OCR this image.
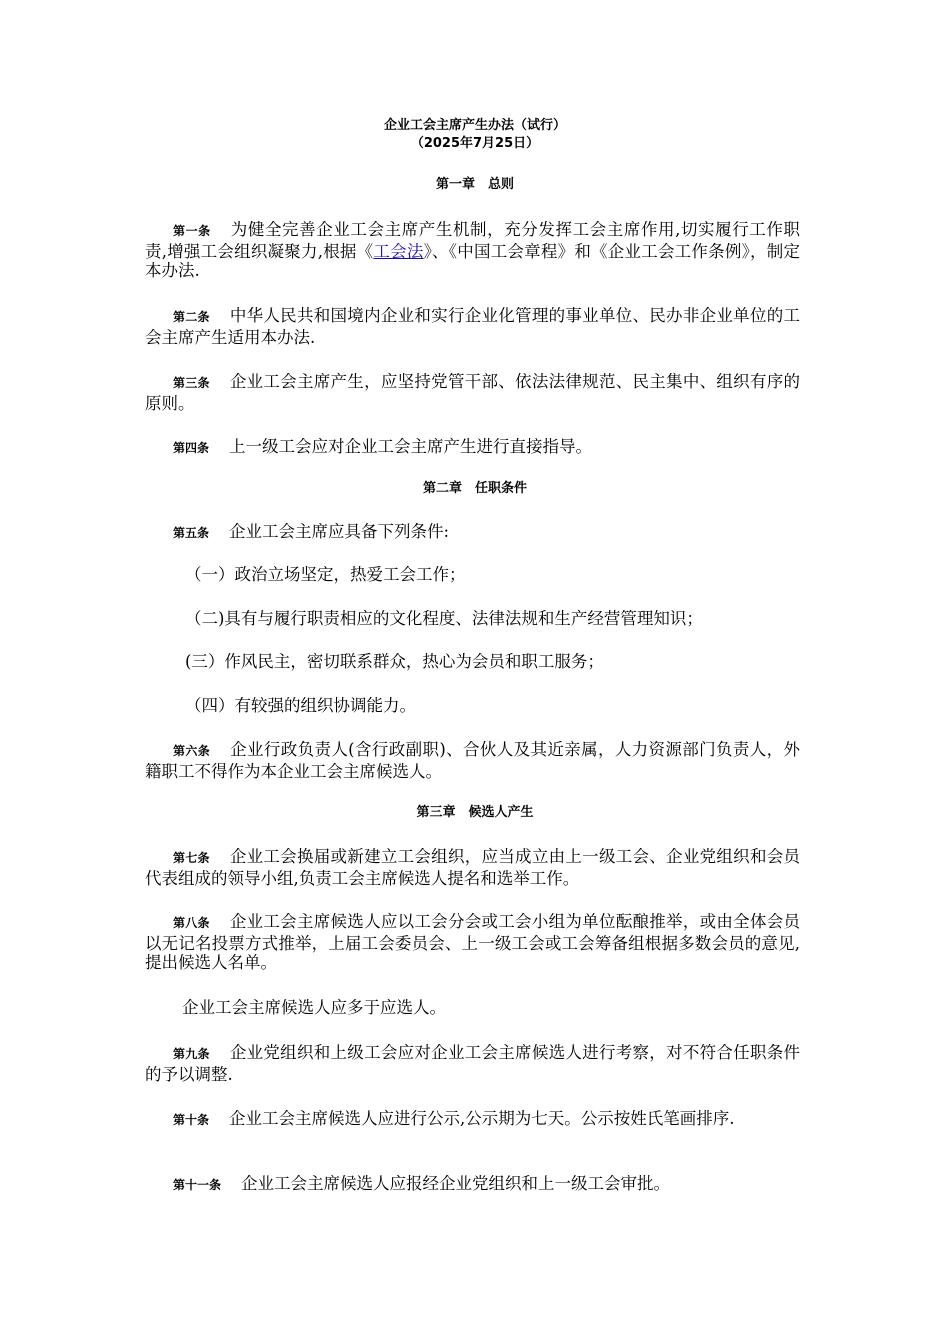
企业工会主席产生办法（试行）
（2025年7月25日）
第一章　总则
第一条 为健全完善企业工会主席产生机制，充分发挥工会主席作用,切实履行工作职责,增强工会组织凝聚力,根据《工会法》、《中国工会章程》和《企业工会工作条例》，制定本办法.
第二条 中华人民共和国境内企业和实行企业化管理的事业单位、民办非企业单位的工会主席产生适用本办法.
第三条 企业工会主席产生，应坚持党管干部、依法法律规范、民主集中、组织有序的原则。
第四条 上一级工会应对企业工会主席产生进行直接指导。
第二章　任职条件
第五条 企业工会主席应具备下列条件:
（一）政治立场坚定，热爱工会工作；
（二)具有与履行职责相应的文化程度、法律法规和生产经营管理知识；
(三）作风民主，密切联系群众，热心为会员和职工服务；
（四）有较强的组织协调能力。
第六条 企业行政负责人(含行政副职)、合伙人及其近亲属，人力资源部门负责人，外籍职工不得作为本企业工会主席候选人。
第三章　候选人产生
第七条 企业工会换届或新建立工会组织，应当成立由上一级工会、企业党组织和会员代表组成的领导小组,负责工会主席候选人提名和选举工作。
第八条 企业工会主席候选人应以工会分会或工会小组为单位酝酿推举，或由全体会员以无记名投票方式推举，上届工会委员会、上一级工会或工会筹备组根据多数会员的意见,提出候选人名单。
企业工会主席候选人应多于应选人。
第九条 企业党组织和上级工会应对企业工会主席候选人进行考察，对不符合任职条件的予以调整.
第十条 企业工会主席候选人应进行公示,公示期为七天。公示按姓氏笔画排序.
第十一条 企业工会主席候选人应报经企业党组织和上一级工会审批。
